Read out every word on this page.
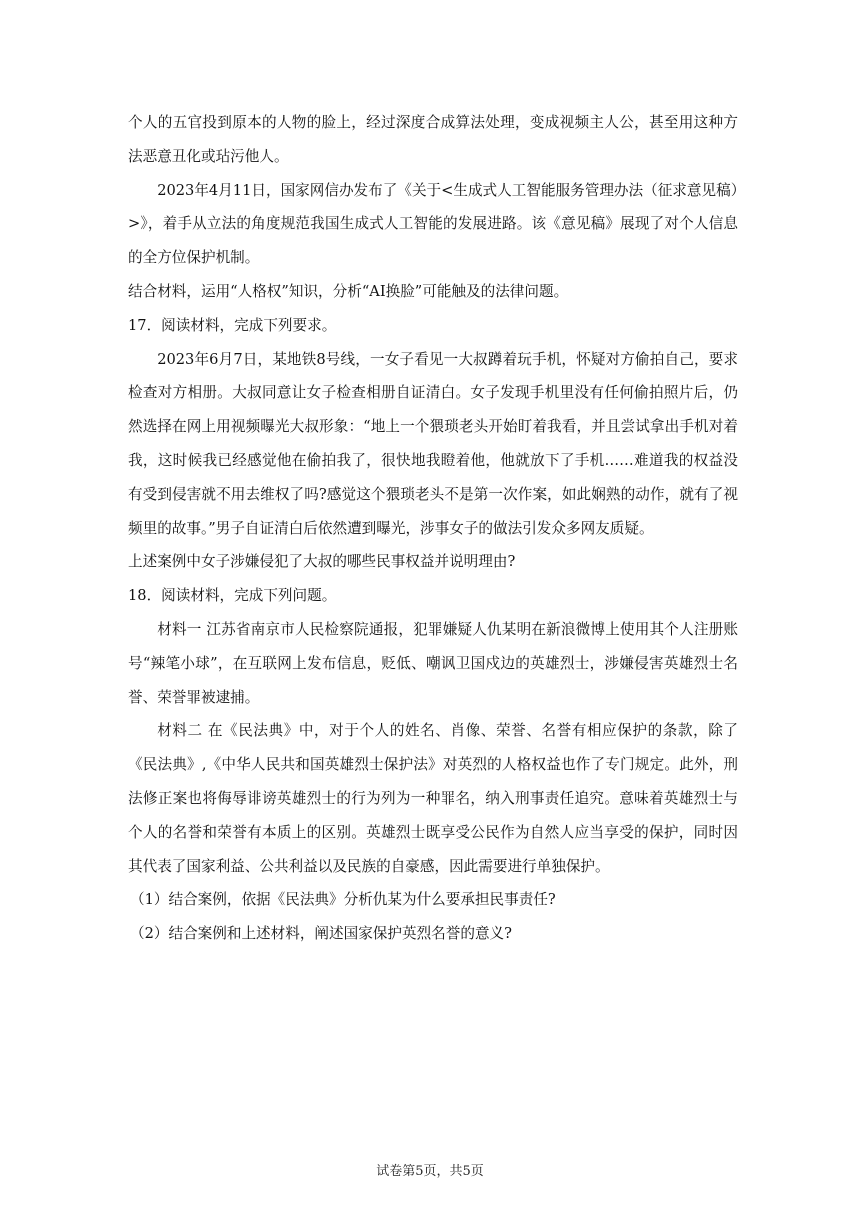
个人的五官投到原本的人物的脸上，经过深度合成算法处理，变成视频主人公，甚至用这种方法恶意丑化或玷污他人。

2023年4月11日，国家网信办发布了《关于<生成式人工智能服务管理办法（征求意见稿）>》，着手从立法的角度规范我国生成式人工智能的发展进路。该《意见稿》展现了对个人信息的全方位保护机制。

结合材料，运用“人格权”知识，分析“AI换脸”可能触及的法律问题。

17．阅读材料，完成下列要求。

2023年6月7日，某地铁8号线，一女子看见一大叔蹲着玩手机，怀疑对方偷拍自己，要求检查对方相册。大叔同意让女子检查相册自证清白。女子发现手机里没有任何偷拍照片后，仍然选择在网上用视频曝光大叔形象：“地上一个猥琐老头开始盯着我看，并且尝试拿出手机对着我，这时候我已经感觉他在偷拍我了，很快地我瞪着他，他就放下了手机……难道我的权益没有受到侵害就不用去维权了吗?感觉这个猥琐老头不是第一次作案，如此娴熟的动作，就有了视频里的故事。”男子自证清白后依然遭到曝光，涉事女子的做法引发众多网友质疑。

上述案例中女子涉嫌侵犯了大叔的哪些民事权益并说明理由?

18．阅读材料，完成下列问题。

材料一 江苏省南京市人民检察院通报，犯罪嫌疑人仇某明在新浪微博上使用其个人注册账号“辣笔小球”，在互联网上发布信息，贬低、嘲讽卫国戍边的英雄烈士，涉嫌侵害英雄烈士名誉、荣誉罪被逮捕。

材料二 在《民法典》中，对于个人的姓名、肖像、荣誉、名誉有相应保护的条款，除了《民法典》,《中华人民共和国英雄烈士保护法》对英烈的人格权益也作了专门规定。此外，刑法修正案也将侮辱诽谤英雄烈士的行为列为一种罪名，纳入刑事责任追究。意味着英雄烈士与个人的名誉和荣誉有本质上的区别。英雄烈士既享受公民作为自然人应当享受的保护，同时因其代表了国家利益、公共利益以及民族的自豪感，因此需要进行单独保护。

（1）结合案例，依据《民法典》分析仇某为什么要承担民事责任?

（2）结合案例和上述材料，阐述国家保护英烈名誉的意义?

试卷第5页，共5页
